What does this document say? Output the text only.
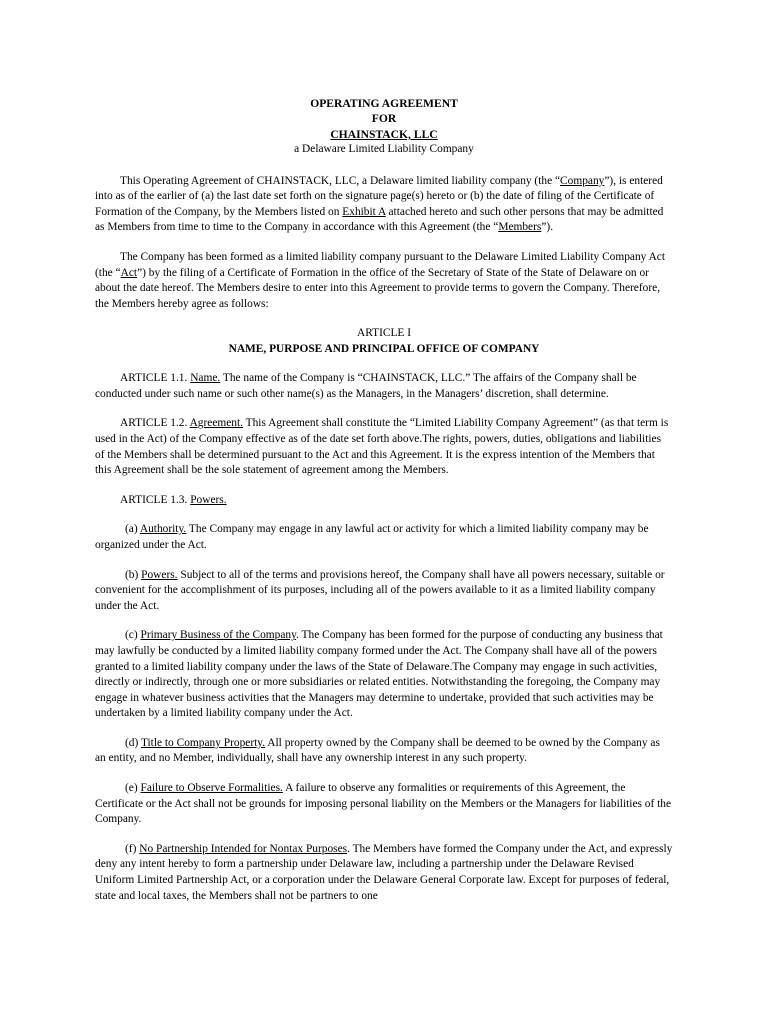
OPERATING AGREEMENT
FOR
CHAINSTACK, LLC
a Delaware Limited Liability Company

This Operating Agreement of CHAINSTACK, LLC, a Delaware limited liability company (the “Company”), is entered into as of the earlier of (a) the last date set forth on the signature page(s) hereto or (b) the date of filing of the Certificate of Formation of the Company, by the Members listed on Exhibit A attached hereto and such other persons that may be admitted as Members from time to time to the Company in accordance with this Agreement (the “Members”).

The Company has been formed as a limited liability company pursuant to the Delaware Limited Liability Company Act (the “Act”) by the filing of a Certificate of Formation in the office of the Secretary of State of the State of Delaware on or about the date hereof. The Members desire to enter into this Agreement to provide terms to govern the Company. Therefore, the Members hereby agree as follows:

ARTICLE I
NAME, PURPOSE AND PRINCIPAL OFFICE OF COMPANY

ARTICLE 1.1. Name. The name of the Company is “CHAINSTACK, LLC.” The affairs of the Company shall be conducted under such name or such other name(s) as the Managers, in the Managers’ discretion, shall determine.

ARTICLE 1.2. Agreement. This Agreement shall constitute the “Limited Liability Company Agreement” (as that term is used in the Act) of the Company effective as of the date set forth above.The rights, powers, duties, obligations and liabilities of the Members shall be determined pursuant to the Act and this Agreement. It is the express intention of the Members that this Agreement shall be the sole statement of agreement among the Members.

ARTICLE 1.3. Powers.

(a) Authority. The Company may engage in any lawful act or activity for which a limited liability company may be organized under the Act.

(b) Powers. Subject to all of the terms and provisions hereof, the Company shall have all powers necessary, suitable or convenient for the accomplishment of its purposes, including all of the powers available to it as a limited liability company under the Act.

(c) Primary Business of the Company. The Company has been formed for the purpose of conducting any business that may lawfully be conducted by a limited liability company formed under the Act. The Company shall have all of the powers granted to a limited liability company under the laws of the State of Delaware.The Company may engage in such activities, directly or indirectly, through one or more subsidiaries or related entities. Notwithstanding the foregoing, the Company may engage in whatever business activities that the Managers may determine to undertake, provided that such activities may be undertaken by a limited liability company under the Act.

(d) Title to Company Property. All property owned by the Company shall be deemed to be owned by the Company as an entity, and no Member, individually, shall have any ownership interest in any such property.

(e) Failure to Observe Formalities. A failure to observe any formalities or requirements of this Agreement, the Certificate or the Act shall not be grounds for imposing personal liability on the Members or the Managers for liabilities of the Company.

(f) No Partnership Intended for Nontax Purposes. The Members have formed the Company under the Act, and expressly deny any intent hereby to form a partnership under Delaware law, including a partnership under the Delaware Revised Uniform Limited Partnership Act, or a corporation under the Delaware General Corporate law. Except for purposes of federal, state and local taxes, the Members shall not be partners to one
